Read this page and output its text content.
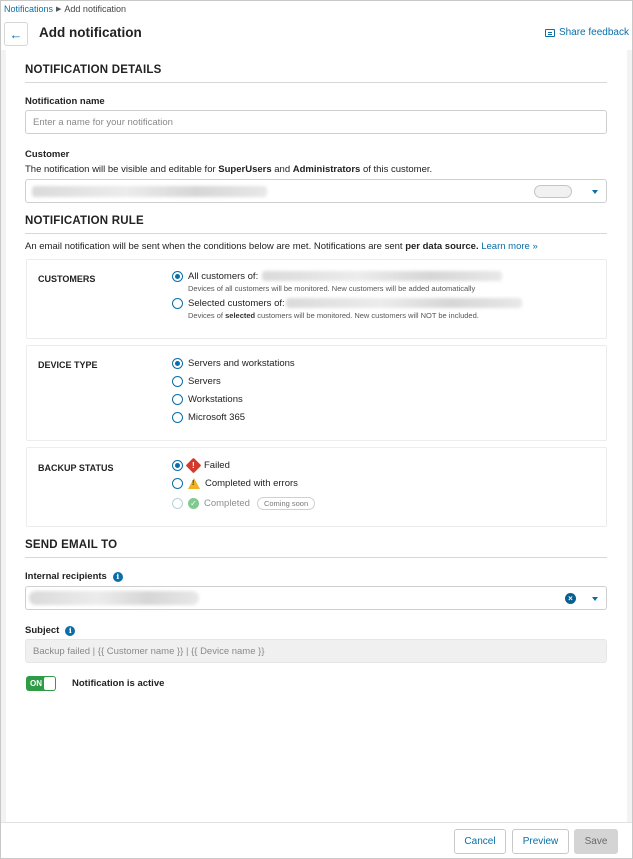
Notifications ▶ Add notification
← Add notification	Share feedback
NOTIFICATION DETAILS
Notification name
Enter a name for your notification
Customer
The notification will be visible and editable for SuperUsers and Administrators of this customer.
NOTIFICATION RULE
An email notification will be sent when the conditions below are met. Notifications are sent per data source. Learn more »
CUSTOMERS	All customers of:
Devices of all customers will be monitored. New customers will be added automatically
Selected customers of:
Devices of selected customers will be monitored. New customers will NOT be included.
DEVICE TYPE	Servers and workstations
Servers
Workstations
Microsoft 365
BACKUP STATUS	! Failed
! Completed with errors
✓ Completed	Coming soon
SEND EMAIL TO
Internal recipients	i
×
Subject	i
Backup failed | {{ Customer name }} | {{ Device name }}
ON	Notification is active
Cancel	Preview	Save
